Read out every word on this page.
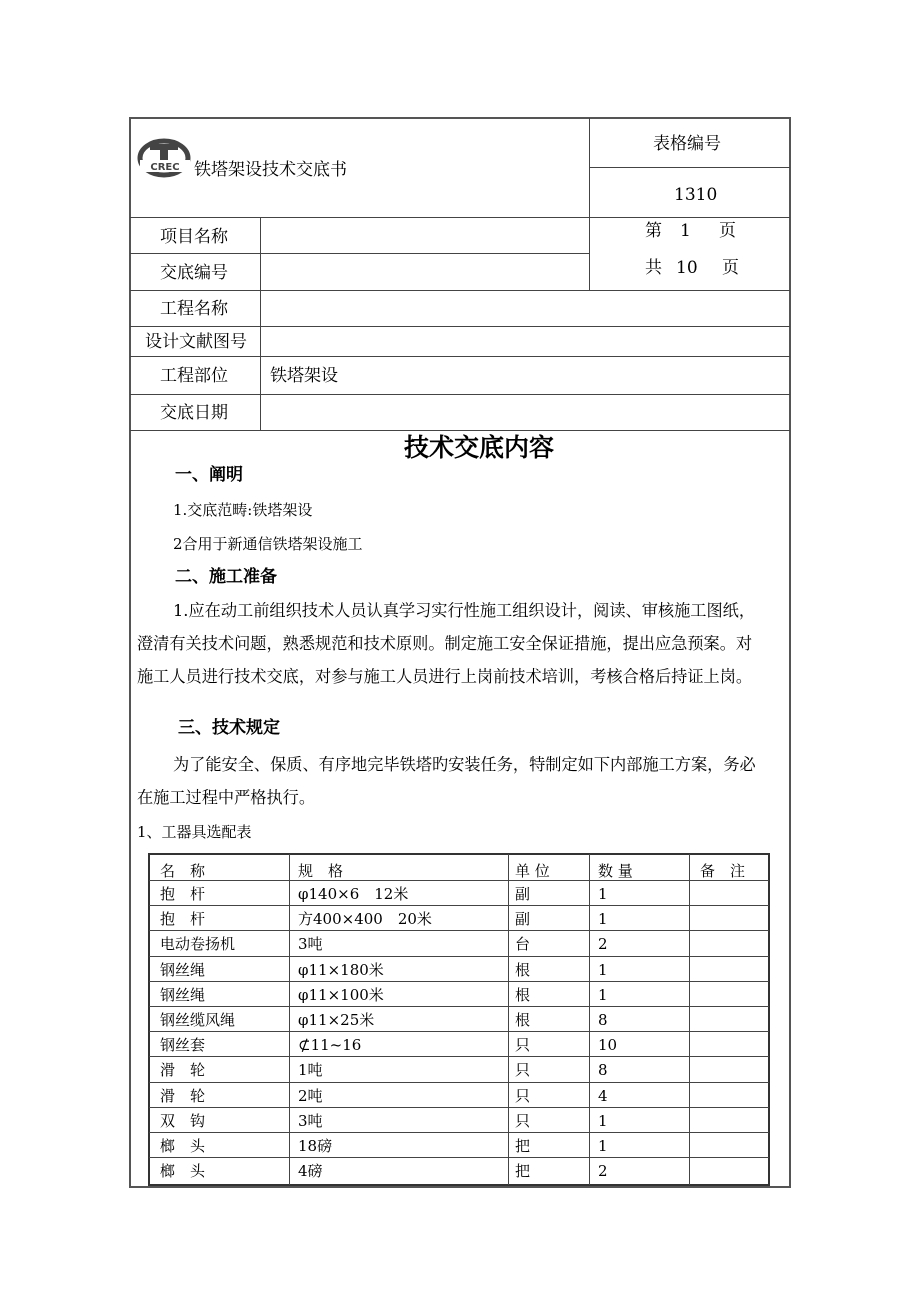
CREC 铁塔架设技术交底书
表格编号
1310
第 1 页
共 10 页
项目名称
交底编号
工程名称
设计文献图号
工程部位 铁塔架设
交底日期
技术交底内容
一、阐明
1.交底范畴:铁塔架设
2合用于新通信铁塔架设施工
二、施工准备
1.应在动工前组织技术人员认真学习实行性施工组织设计，阅读、审核施工图纸，
澄清有关技术问题，熟悉规范和技术原则。制定施工安全保证措施，提出应急预案。对
施工人员进行技术交底，对参与施工人员进行上岗前技术培训，考核合格后持证上岗。
三、技术规定
为了能安全、保质、有序地完毕铁塔旳安装任务，特制定如下内部施工方案，务必
在施工过程中严格执行。
1、工器具选配表
名　称	规　格	单 位	数 量	备　注
抱　杆	φ140×6　12米	副	1
抱　杆	方400×400　20米	副	1
电动卷扬机	3吨	台	2
钢丝绳	φ11×180米	根	1
钢丝绳	φ11×100米	根	1
钢丝缆风绳	φ11×25米	根	8
钢丝套	⊄11~16	只	10
滑　轮	1吨	只	8
滑　轮	2吨	只	4
双　钩	3吨	只	1
榔　头	18磅	把	1
榔　头	4磅	把	2
